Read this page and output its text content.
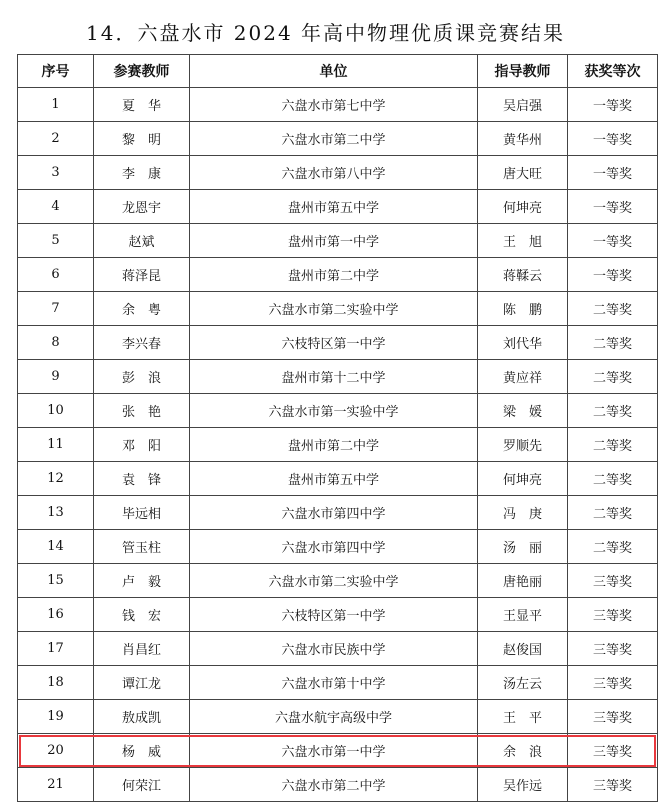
14．六盘水市 2024 年高中物理优质课竞赛结果
序号	参赛教师	单位	指导教师	获奖等次
1	夏　华	六盘水市第七中学	吴启强	一等奖
2	黎　明	六盘水市第二中学	黄华州	一等奖
3	李　康	六盘水市第八中学	唐大旺	一等奖
4	龙恩宇	盘州市第五中学	何坤亮	一等奖
5	赵斌	盘州市第一中学	王　旭	一等奖
6	蒋泽昆	盘州市第二中学	蒋鞣云	一等奖
7	余　粤	六盘水市第二实验中学	陈　鹏	二等奖
8	李兴春	六枝特区第一中学	刘代华	二等奖
9	彭　浪	盘州市第十二中学	黄应祥	二等奖
10	张　艳	六盘水市第一实验中学	梁　媛	二等奖
11	邓　阳	盘州市第二中学	罗顺先	二等奖
12	袁　锋	盘州市第五中学	何坤亮	二等奖
13	毕远相	六盘水市第四中学	冯　庚	二等奖
14	管玉柱	六盘水市第四中学	汤　丽	二等奖
15	卢　毅	六盘水市第二实验中学	唐艳丽	三等奖
16	钱　宏	六枝特区第一中学	王显平	三等奖
17	肖昌红	六盘水市民族中学	赵俊国	三等奖
18	谭江龙	六盘水市第十中学	汤左云	三等奖
19	敖成凯	六盘水航宇高级中学	王　平	三等奖
20	杨　威	六盘水市第一中学	余　浪	三等奖
21	何荣江	六盘水市第二中学	吴作远	三等奖
